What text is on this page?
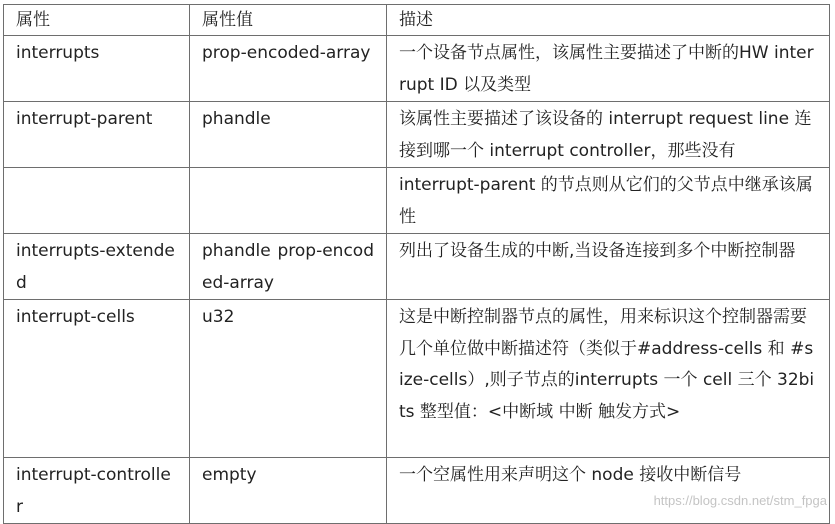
属性	属性值	描述
interrupts	prop-encoded-array	一个设备节点属性，该属性主要描述了中断的HW interrupt ID 以及类型
interrupt-parent	phandle	该属性主要描述了该设备的 interrupt request line 连接到哪一个 interrupt controller，那些没有
		interrupt-parent 的节点则从它们的父节点中继承该属性
interrupts-extended	phandle prop-encoded-array	列出了设备生成的中断,当设备连接到多个中断控制器
interrupt-cells	u32	这是中断控制器节点的属性，用来标识这个控制器需要几个单位做中断描述符（类似于#address-cells 和 #size-cells）,则子节点的interrupts 一个 cell 三个 32bits 整型值：<中断域 中断 触发方式>
interrupt-controller	empty	一个空属性用来声明这个 node 接收中断信号
https://blog.csdn.net/stm_fpga
